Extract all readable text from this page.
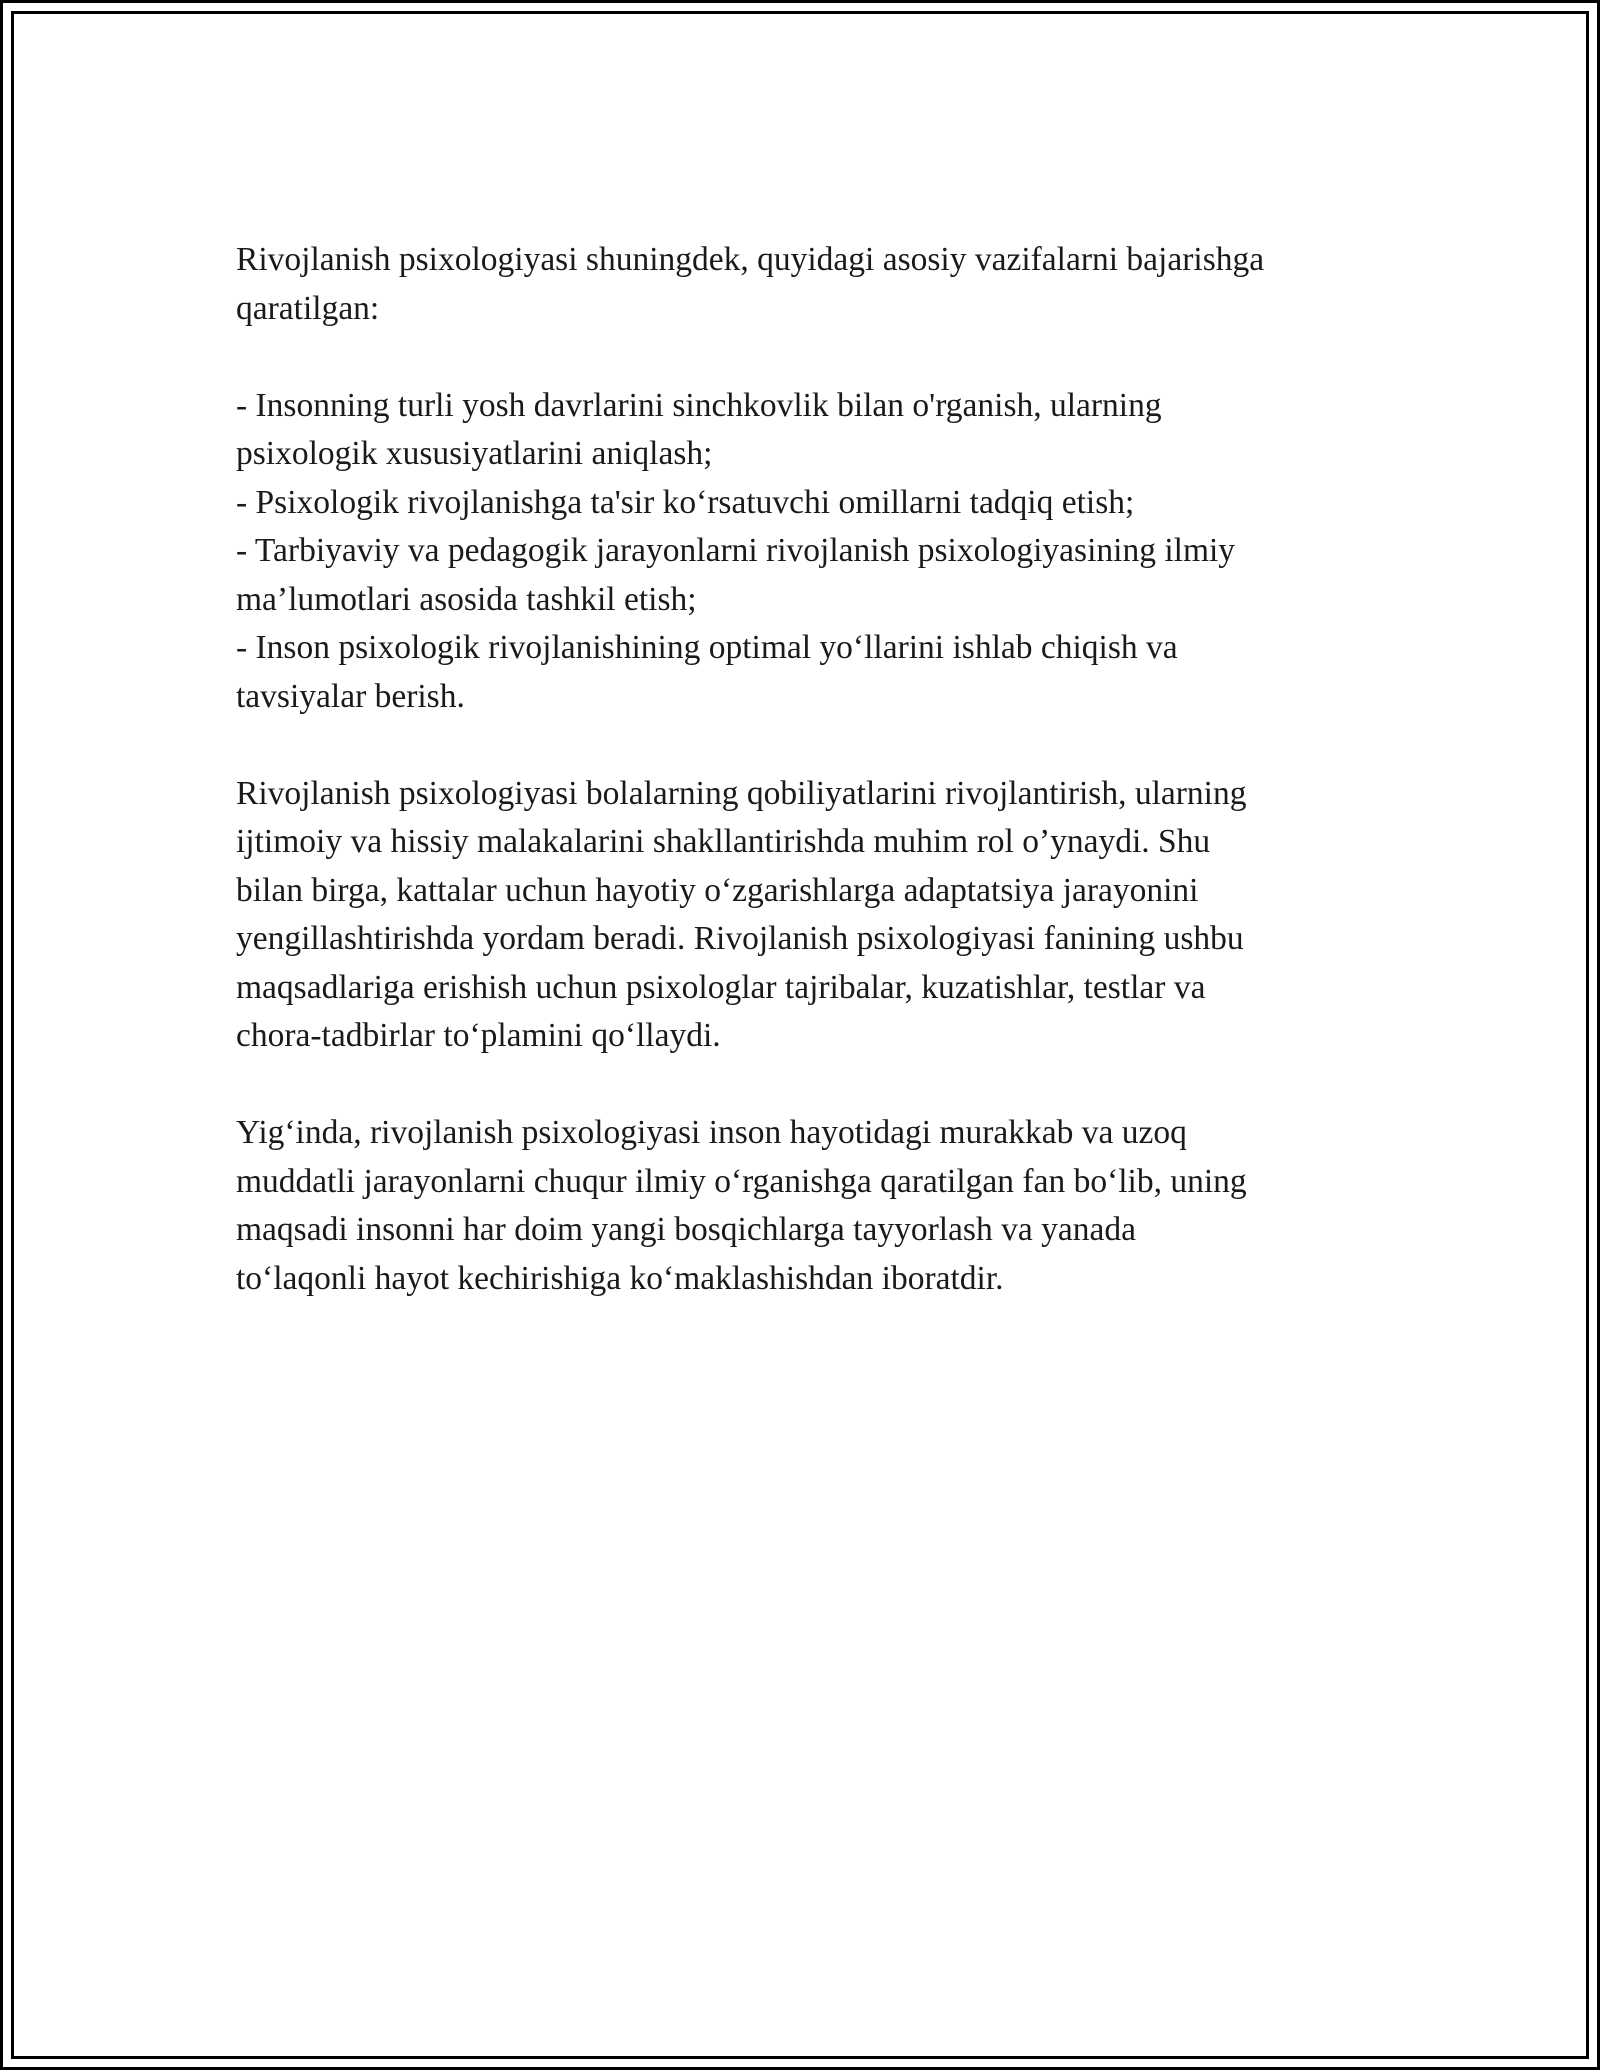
Rivojlanish psixologiyasi shuningdek, quyidagi asosiy vazifalarni bajarishga
qaratilgan:

- Insonning turli yosh davrlarini sinchkovlik bilan o'rganish, ularning
psixologik xususiyatlarini aniqlash;
- Psixologik rivojlanishga ta'sir ko‘rsatuvchi omillarni tadqiq etish;
- Tarbiyaviy va pedagogik jarayonlarni rivojlanish psixologiyasining ilmiy
ma’lumotlari asosida tashkil etish;
- Inson psixologik rivojlanishining optimal yo‘llarini ishlab chiqish va
tavsiyalar berish.

Rivojlanish psixologiyasi bolalarning qobiliyatlarini rivojlantirish, ularning
ijtimoiy va hissiy malakalarini shakllantirishda muhim rol o’ynaydi. Shu
bilan birga, kattalar uchun hayotiy o‘zgarishlarga adaptatsiya jarayonini
yengillashtirishda yordam beradi. Rivojlanish psixologiyasi fanining ushbu
maqsadlariga erishish uchun psixologlar tajribalar, kuzatishlar, testlar va
chora-tadbirlar to‘plamini qo‘llaydi.

Yig‘inda, rivojlanish psixologiyasi inson hayotidagi murakkab va uzoq
muddatli jarayonlarni chuqur ilmiy o‘rganishga qaratilgan fan bo‘lib, uning
maqsadi insonni har doim yangi bosqichlarga tayyorlash va yanada
to‘laqonli hayot kechirishiga ko‘maklashishdan iboratdir.
